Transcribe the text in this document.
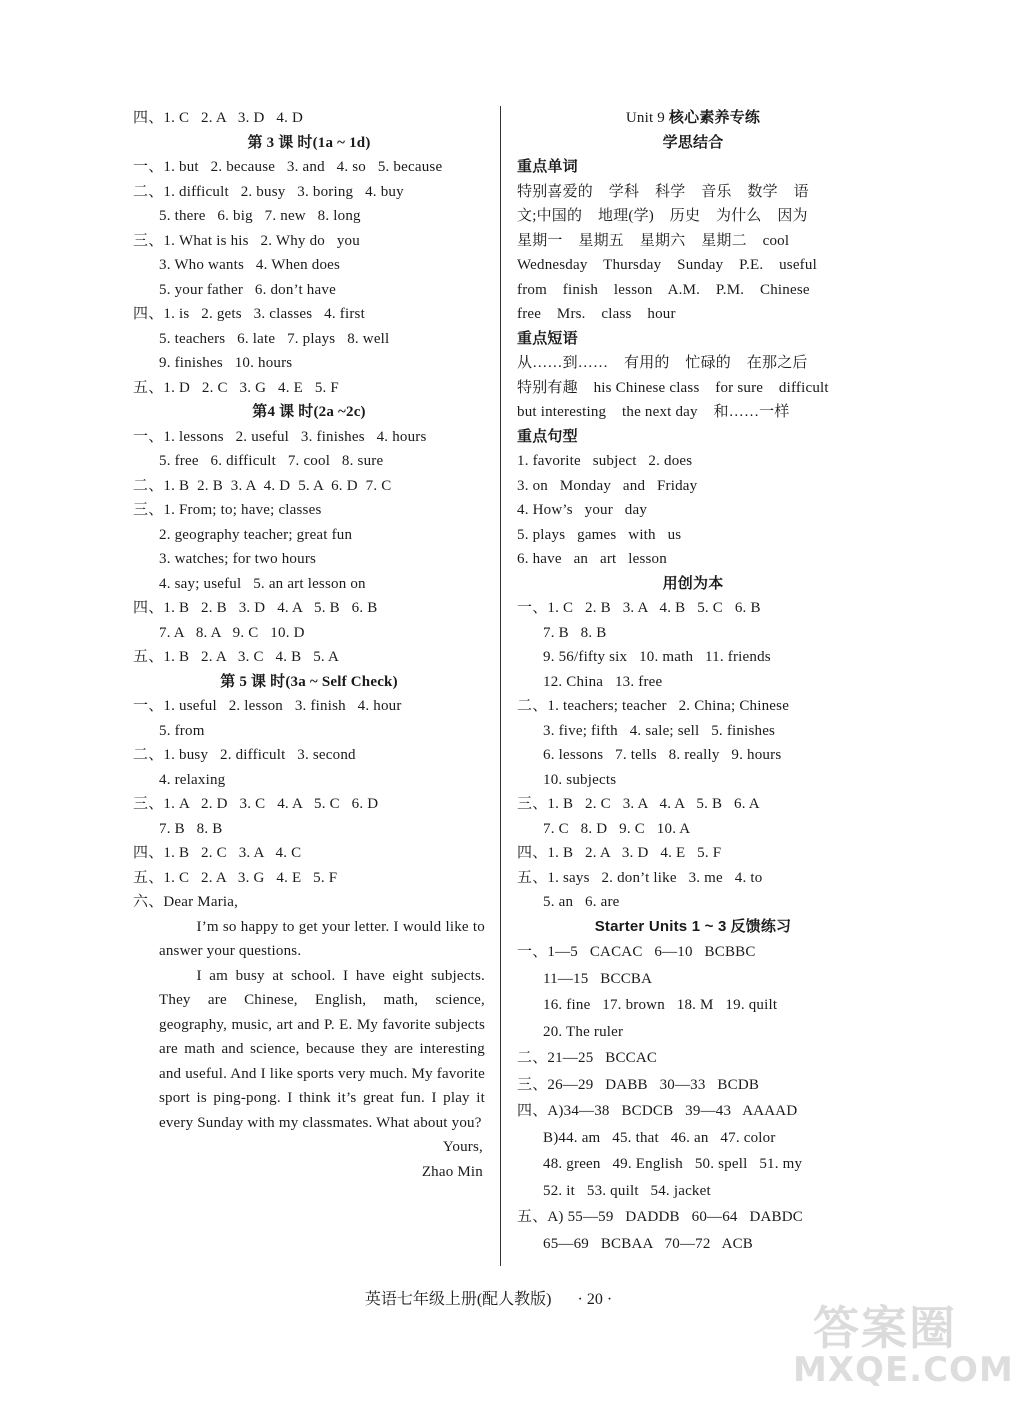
四、1. C   2. A   3. D   4. D
第 3 课 时(1a ~ 1d)
一、1. but   2. because   3. and   4. so   5. because
二、1. difficult   2. busy   3. boring   4. buy
5. there   6. big   7. new   8. long
三、1. What is his   2. Why do   you
3. Who wants   4. When does
5. your father   6. don’t have
四、1. is   2. gets   3. classes   4. first
5. teachers   6. late   7. plays   8. well
9. finishes   10. hours
五、1. D   2. C   3. G   4. E   5. F
第4 课 时(2a ~2c)
一、1. lessons   2. useful   3. finishes   4. hours
5. free   6. difficult   7. cool   8. sure
二、1. B  2. B  3. A  4. D  5. A  6. D  7. C
三、1. From; to; have; classes
2. geography teacher; great fun
3. watches; for two hours
4. say; useful   5. an art lesson on
四、1. B   2. B   3. D   4. A   5. B   6. B
7. A   8. A   9. C   10. D
五、1. B   2. A   3. C   4. B   5. A
第 5 课 时(3a ~ Self Check)
一、1. useful   2. lesson   3. finish   4. hour
5. from
二、1. busy   2. difficult   3. second
4. relaxing
三、1. A   2. D   3. C   4. A   5. C   6. D
7. B   8. B
四、1. B   2. C   3. A   4. C
五、1. C   2. A   3. G   4. E   5. F
六、Dear Maria,
I’m so happy to get your letter. I would like to answer your questions.
I am busy at school. I have eight subjects. They are Chinese, English, math, science, geography, music, art and P. E. My favorite subjects are math and science, because they are interesting and useful. And I like sports very much. My favorite sport is ping-pong. I think it’s great fun. I play it every Sunday with my classmates. What about you?
Yours,
Zhao Min
Unit 9 核心素养专练
学思结合
重点单词
特别喜爱的    学科    科学    音乐    数学    语
文;中国的    地理(学)    历史    为什么    因为
星期一    星期五    星期六    星期二    cool
Wednesday    Thursday    Sunday    P.E.    useful
from    finish    lesson    A.M.    P.M.    Chinese
free    Mrs.    class    hour
重点短语
从……到……    有用的    忙碌的    在那之后
特别有趣    his Chinese class    for sure    difficult
but interesting    the next day    和……一样
重点句型
1. favorite   subject   2. does
3. on   Monday   and   Friday
4. How’s   your   day
5. plays   games   with   us
6. have   an   art   lesson
用创为本
一、1. C   2. B   3. A   4. B   5. C   6. B
7. B   8. B
9. 56/fifty six   10. math   11. friends
12. China   13. free
二、1. teachers; teacher   2. China; Chinese
3. five; fifth   4. sale; sell   5. finishes
6. lessons   7. tells   8. really   9. hours
10. subjects
三、1. B   2. C   3. A   4. A   5. B   6. A
7. C   8. D   9. C   10. A
四、1. B   2. A   3. D   4. E   5. F
五、1. says   2. don’t like   3. me   4. to
5. an   6. are
Starter Units 1 ~ 3 反馈练习
一、1—5   CACAC   6—10   BCBBC
11—15   BCCBA
16. fine   17. brown   18. M   19. quilt
20. The ruler
二、21—25   BCCAC
三、26—29   DABB   30—33   BCDB
四、A)34—38   BCDCB   39—43   AAAAD
B)44. am   45. that   46. an   47. color
48. green   49. English   50. spell   51. my
52. it   53. quilt   54. jacket
五、A) 55—59   DADDB   60—64   DABDC
65—69   BCBAA   70—72   ACB
英语七年级上册(配人教版) · 20 ·
答案圈
MXQE.COM
